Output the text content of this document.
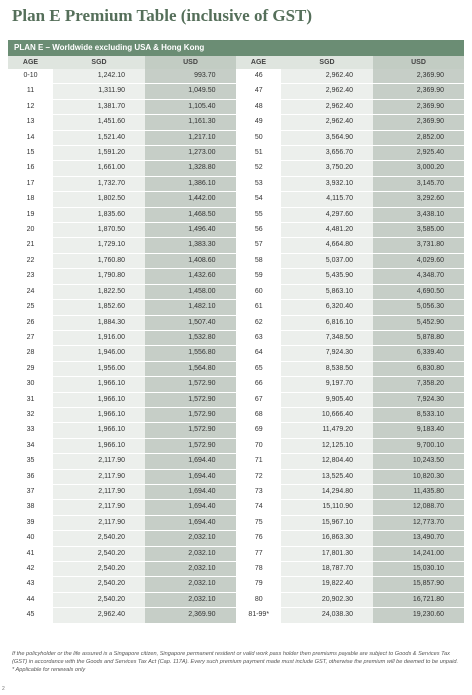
Plan E Premium Table (inclusive of GST)
PLAN E – Worldwide excluding USA & Hong Kong
AGE	SGD	USD	AGE	SGD	USD
0-10	1,242.10	993.70	46	2,962.40	2,369.90
11	1,311.90	1,049.50	47	2,962.40	2,369.90
12	1,381.70	1,105.40	48	2,962.40	2,369.90
13	1,451.60	1,161.30	49	2,962.40	2,369.90
14	1,521.40	1,217.10	50	3,564.90	2,852.00
15	1,591.20	1,273.00	51	3,656.70	2,925.40
16	1,661.00	1,328.80	52	3,750.20	3,000.20
17	1,732.70	1,386.10	53	3,932.10	3,145.70
18	1,802.50	1,442.00	54	4,115.70	3,292.60
19	1,835.60	1,468.50	55	4,297.60	3,438.10
20	1,870.50	1,496.40	56	4,481.20	3,585.00
21	1,729.10	1,383.30	57	4,664.80	3,731.80
22	1,760.80	1,408.60	58	5,037.00	4,029.60
23	1,790.80	1,432.60	59	5,435.90	4,348.70
24	1,822.50	1,458.00	60	5,863.10	4,690.50
25	1,852.60	1,482.10	61	6,320.40	5,056.30
26	1,884.30	1,507.40	62	6,816.10	5,452.90
27	1,916.00	1,532.80	63	7,348.50	5,878.80
28	1,946.00	1,556.80	64	7,924.30	6,339.40
29	1,956.00	1,564.80	65	8,538.50	6,830.80
30	1,966.10	1,572.90	66	9,197.70	7,358.20
31	1,966.10	1,572.90	67	9,905.40	7,924.30
32	1,966.10	1,572.90	68	10,666.40	8,533.10
33	1,966.10	1,572.90	69	11,479.20	9,183.40
34	1,966.10	1,572.90	70	12,125.10	9,700.10
35	2,117.90	1,694.40	71	12,804.40	10,243.50
36	2,117.90	1,694.40	72	13,525.40	10,820.30
37	2,117.90	1,694.40	73	14,294.80	11,435.80
38	2,117.90	1,694.40	74	15,110.90	12,088.70
39	2,117.90	1,694.40	75	15,967.10	12,773.70
40	2,540.20	2,032.10	76	16,863.30	13,490.70
41	2,540.20	2,032.10	77	17,801.30	14,241.00
42	2,540.20	2,032.10	78	18,787.70	15,030.10
43	2,540.20	2,032.10	79	19,822.40	15,857.90
44	2,540.20	2,032.10	80	20,902.30	16,721.80
45	2,962.40	2,369.90	81-99*	24,038.30	19,230.60

If the policyholder or the life assured is a Singapore citizen, Singapore permanent resident or valid work pass holder then premiums payable are subject to Goods & Services Tax (GST) in accordance with the Goods and Services Tax Act (Cap. 117A). Every such premium payment made must include GST, otherwise the premium will be deemed to be unpaid.

* Applicable for renewals only

2
